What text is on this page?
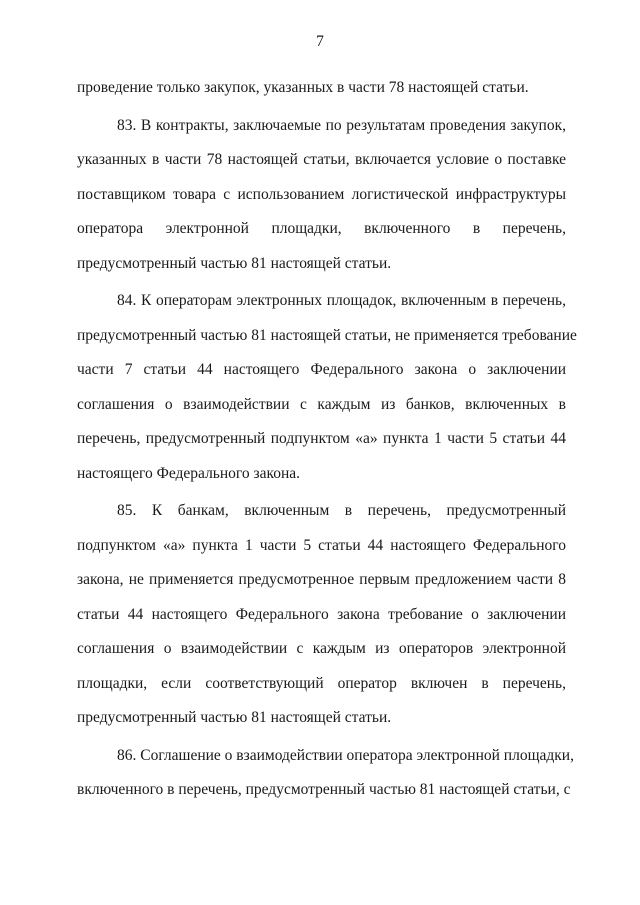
7

проведение только закупок, указанных в части 78 настоящей статьи.

83. В контракты, заключаемые по результатам проведения закупок,
указанных в части 78 настоящей статьи, включается условие о поставке
поставщиком товара с использованием логистической инфраструктуры
оператора электронной площадки, включенного в перечень,
предусмотренный частью 81 настоящей статьи.

84. К операторам электронных площадок, включенным в перечень,
предусмотренный частью 81 настоящей статьи, не применяется требование
части 7 статьи 44 настоящего Федерального закона о заключении
соглашения о взаимодействии с каждым из банков, включенных в
перечень, предусмотренный подпунктом «а» пункта 1 части 5 статьи 44
настоящего Федерального закона.

85. К банкам, включенным в перечень, предусмотренный
подпунктом «а» пункта 1 части 5 статьи 44 настоящего Федерального
закона, не применяется предусмотренное первым предложением части 8
статьи 44 настоящего Федерального закона требование о заключении
соглашения о взаимодействии с каждым из операторов электронной
площадки, если соответствующий оператор включен в перечень,
предусмотренный частью 81 настоящей статьи.

86. Соглашение о взаимодействии оператора электронной площадки,
включенного в перечень, предусмотренный частью 81 настоящей статьи, с
